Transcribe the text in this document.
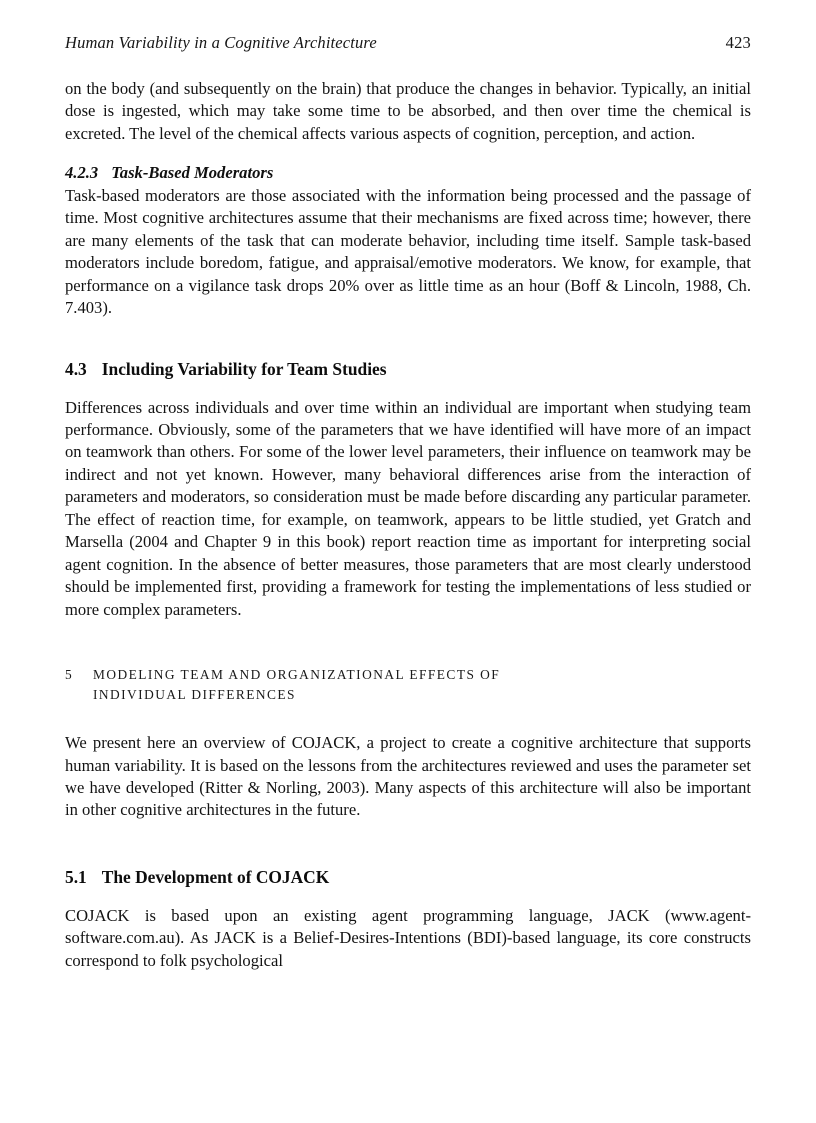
Human Variability in a Cognitive Architecture	423

on the body (and subsequently on the brain) that produce the changes in behavior. Typically, an initial dose is ingested, which may take some time to be absorbed, and then over time the chemical is excreted. The level of the chemical affects various aspects of cognition, perception, and action.

4.2.3 Task-Based Moderators

Task-based moderators are those associated with the information being processed and the passage of time. Most cognitive architectures assume that their mechanisms are fixed across time; however, there are many elements of the task that can moderate behavior, including time itself. Sample task-based moderators include boredom, fatigue, and appraisal/emotive moderators. We know, for example, that performance on a vigilance task drops 20% over as little time as an hour (Boff & Lincoln, 1988, Ch. 7.403).

4.3 Including Variability for Team Studies

Differences across individuals and over time within an individual are important when studying team performance. Obviously, some of the parameters that we have identified will have more of an impact on teamwork than others. For some of the lower level parameters, their influence on teamwork may be indirect and not yet known. However, many behavioral differences arise from the interaction of parameters and moderators, so consideration must be made before discarding any particular parameter. The effect of reaction time, for example, on teamwork, appears to be little studied, yet Gratch and Marsella (2004 and Chapter 9 in this book) report reaction time as important for interpreting social agent cognition. In the absence of better measures, those parameters that are most clearly understood should be implemented first, providing a framework for testing the implementations of less studied or more complex parameters.

5 MODELING TEAM AND ORGANIZATIONAL EFFECTS OF
INDIVIDUAL DIFFERENCES

We present here an overview of COJACK, a project to create a cognitive architecture that supports human variability. It is based on the lessons from the architectures reviewed and uses the parameter set we have developed (Ritter & Norling, 2003). Many aspects of this architecture will also be important in other cognitive architectures in the future.

5.1 The Development of COJACK

COJACK is based upon an existing agent programming language, JACK (www.agent-software.com.au). As JACK is a Belief-Desires-Intentions (BDI)-based language, its core constructs correspond to folk psychological
